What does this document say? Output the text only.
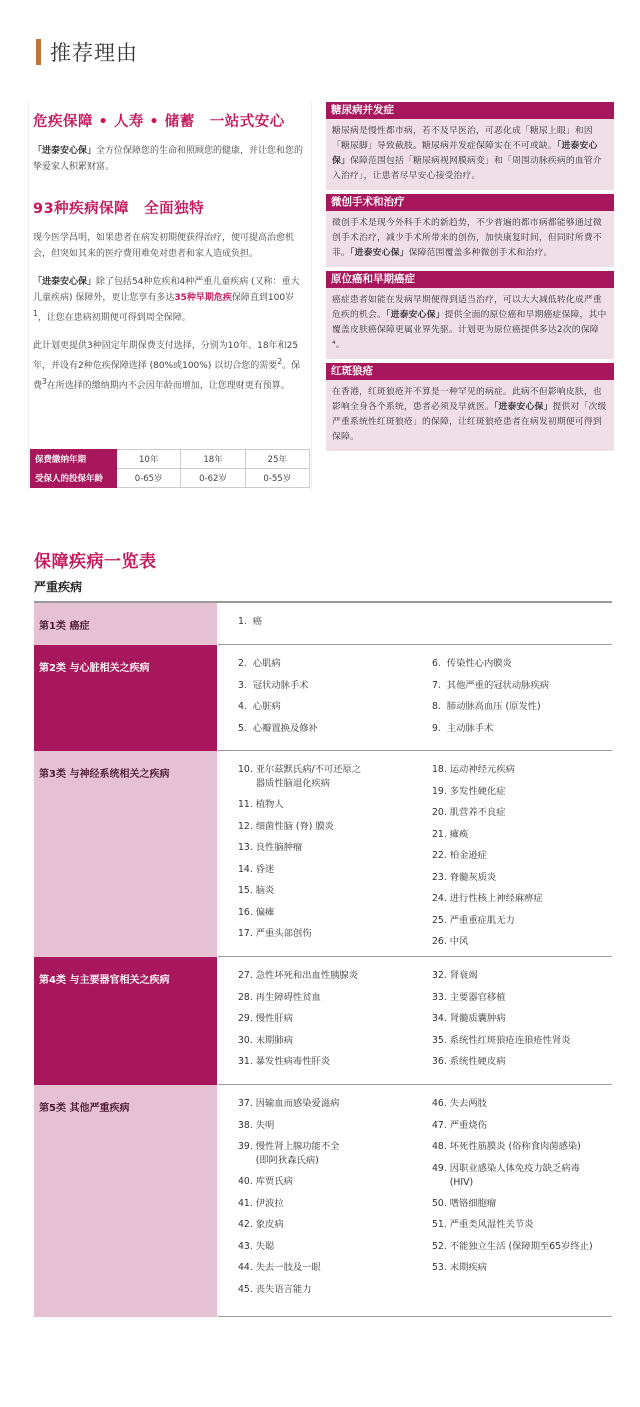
推荐理由
危疾保障 • 人寿 • 储蓄　一站式安心
「进泰安心保」全方位保障您的生命和照顾您的健康，并让您和您的挚爱家人积累财富。
93种疾病保障　全面独特
现今医学昌明，如果患者在病发初期便获得治疗，便可提高治愈机会，但突如其来的医疗费用难免对患者和家人造成负担。
「进泰安心保」除了包括54种危疾和4种严重儿童疾病 (又称：重大儿童疾病) 保障外，更让您享有多达35种早期危疾保障直到100岁$^1$，让您在患病初期便可得到周全保障。
此计划更提供3种固定年期保费支付选择，分别为10年、18年和25年，并设有2种危疾保障选择 (80%或100%) 以切合您的需要$^2$。保费$^3$在所选择的缴纳期内不会因年龄而增加，让您理财更有预算。
保费缴纳年期	10年	18年	25年
受保人的投保年龄	0-65岁	0-62岁	0-55岁
糖尿病并发症
糖尿病是慢性都市病，若不及早医治，可恶化成「糖尿上眼」和因「糖尿脚」导致截肢。糖尿病并发症保障实在不可或缺。「进泰安心保」保障范围包括「糖尿病视网膜病变」和「周围动脉疾病的血管介入治疗」，让患者尽早安心接受治疗。
微创手术和治疗
微创手术是现今外科手术的新趋势，不少普遍的都市病都能够通过微创手术治疗，减少手术所带来的创伤，加快康复时间，但同时所费不菲。「进泰安心保」保障范围覆盖多种微创手术和治疗。
原位癌和早期癌症
癌症患者如能在发病早期便得到适当治疗，可以大大减低转化成严重危疾的机会。「进泰安心保」提供全面的原位癌和早期癌症保障，其中覆盖皮肤癌保障更属业界先驱。计划更为原位癌提供多达2次的保障⁴。
红斑狼疮
在香港，红斑狼疮并不算是一种罕见的病症。此病不但影响皮肤，也影响全身各个系统，患者必须及早就医。「进泰安心保」提供对「次级严重系统性红斑狼疮」的保障，让红斑狼疮患者在病发初期便可得到保障。
保障疾病一览表
严重疾病
第1类 癌症	1.  癌
第2类 与心脏相关之疾病	2.  心肌病
3.  冠状动脉手术
4.  心脏病
5.  心瓣置换及修补
6.  传染性心内膜炎
7.  其他严重的冠状动脉疾病
8.  肺动脉高血压 (原发性)
9.  主动脉手术
第3类 与神经系统相关之疾病	10. 亚尔兹默氏病/不可还原之
器质性脑退化疾病
11. 植物人
12. 细菌性脑 (脊) 膜炎
13. 良性脑肿瘤
14. 昏迷
15. 脑炎
16. 偏瘫
17. 严重头部创伤
18. 运动神经元疾病
19. 多发性硬化症
20. 肌营养不良症
21. 瘫痪
22. 柏金逊症
23. 脊髓灰质炎
24. 进行性核上神经麻痹症
25. 严重重症肌无力
26. 中风
第4类 与主要器官相关之疾病	27. 急性坏死和出血性胰腺炎
28. 再生障碍性贫血
29. 慢性肝病
30. 末期肺病
31. 暴发性病毒性肝炎
32. 肾衰竭
33. 主要器官移植
34. 肾髓质囊肿病
35. 系统性红斑狼疮连狼疮性肾炎
36. 系统性硬皮病
第5类 其他严重疾病	37. 因输血而感染爱滋病
38. 失明
39. 慢性肾上腺功能不全
(即阿狄森氏病)
40. 库贾氏病
41. 伊波拉
42. 象皮病
43. 失聪
44. 失去一肢及一眼
45. 丧失语言能力
46. 失去两肢
47. 严重烧伤
48. 坏死性筋膜炎 (俗称食肉菌感染)
49. 因职业感染人体免疫力缺乏病毒
(HIV)
50. 嗜铬细胞瘤
51. 严重类风湿性关节炎
52. 不能独立生活 (保障期至65岁终止)
53. 末期疾病
